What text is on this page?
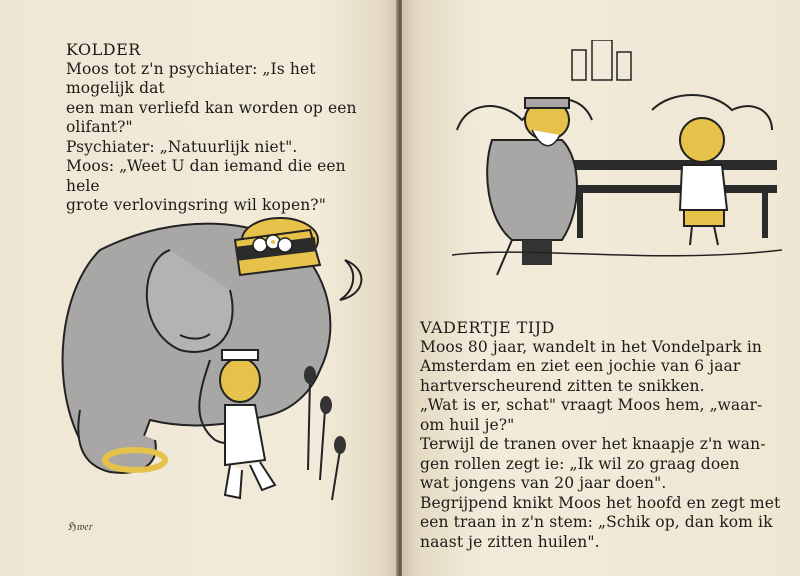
KOLDER

Moos tot z'n psychiater: „Is het mogelijk dat

een man verliefd kan worden op een olifant?"

Psychiater: „Natuurlijk niet".

Moos: „Weet U dan iemand die een hele

grote verlovingsring wil kopen?"

ℌ𝔴𝔢𝔯

VADERTJE TIJD

Moos 80 jaar, wandelt in het Vondelpark in

Amsterdam en ziet een jochie van 6 jaar

hartverscheurend zitten te snikken.

„Wat is er, schat" vraagt Moos hem, „waar-

om huil je?"

Terwijl de tranen over het knaapje z'n wan-

gen rollen zegt ie: „Ik wil zo graag doen

wat jongens van 20 jaar doen".

Begrijpend knikt Moos het hoofd en zegt met

een traan in z'n stem: „Schik op, dan kom ik

naast je zitten huilen".
